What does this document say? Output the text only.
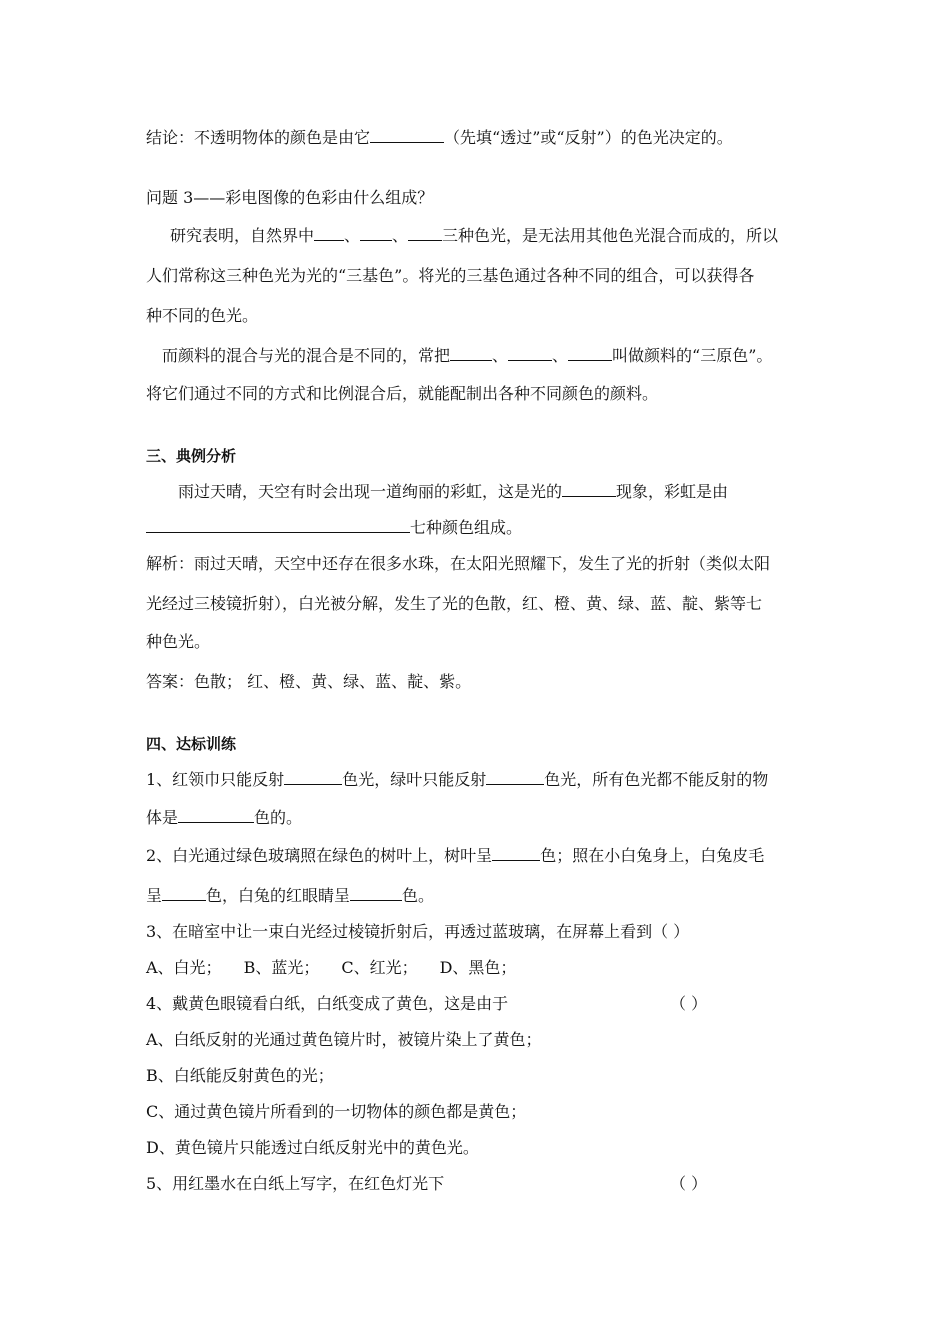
结论：不透明物体的颜色是由它	（先填“透过”或“反射”）的色光决定的。
问题 3——彩电图像的色彩由什么组成？
研究表明，自然界中 、 、 三种色光，是无法用其他色光混合而成的，所以
人们常称这三种色光为光的“三基色”。将光的三基色通过各种不同的组合，可以获得各
种不同的色光。
而颜料的混合与光的混合是不同的，常把	、	、	叫做颜料的“三原色”。
将它们通过不同的方式和比例混合后，就能配制出各种不同颜色的颜料。
三、典例分析
雨过天晴，天空有时会出现一道绚丽的彩虹，这是光的	现象，彩虹是由
七种颜色组成。
解析：雨过天晴，天空中还存在很多水珠，在太阳光照耀下，发生了光的折射（类似太阳
光经过三棱镜折射），白光被分解，发生了光的色散，红、橙、黄、绿、蓝、靛、紫等七
种色光。
答案：色散； 红、橙、黄、绿、蓝、靛、紫。
四、达标训练
1、红领巾只能反射	色光，绿叶只能反射	色光，所有色光都不能反射的物
体是	色的。
2、白光通过绿色玻璃照在绿色的树叶上，树叶呈	色；照在小白兔身上，白兔皮毛
呈	色，白兔的红眼睛呈	色。
3、在暗室中让一束白光经过棱镜折射后，再透过蓝玻璃，在屏幕上看到（ ）
A、白光； B、蓝光； C、红光； D、黑色；
4、戴黄色眼镜看白纸，白纸变成了黄色，这是由于	（ ）
A、白纸反射的光通过黄色镜片时，被镜片染上了黄色；
B、白纸能反射黄色的光；
C、通过黄色镜片所看到的一切物体的颜色都是黄色；
D、黄色镜片只能透过白纸反射光中的黄色光。
5、用红墨水在白纸上写字，在红色灯光下	（ ）
